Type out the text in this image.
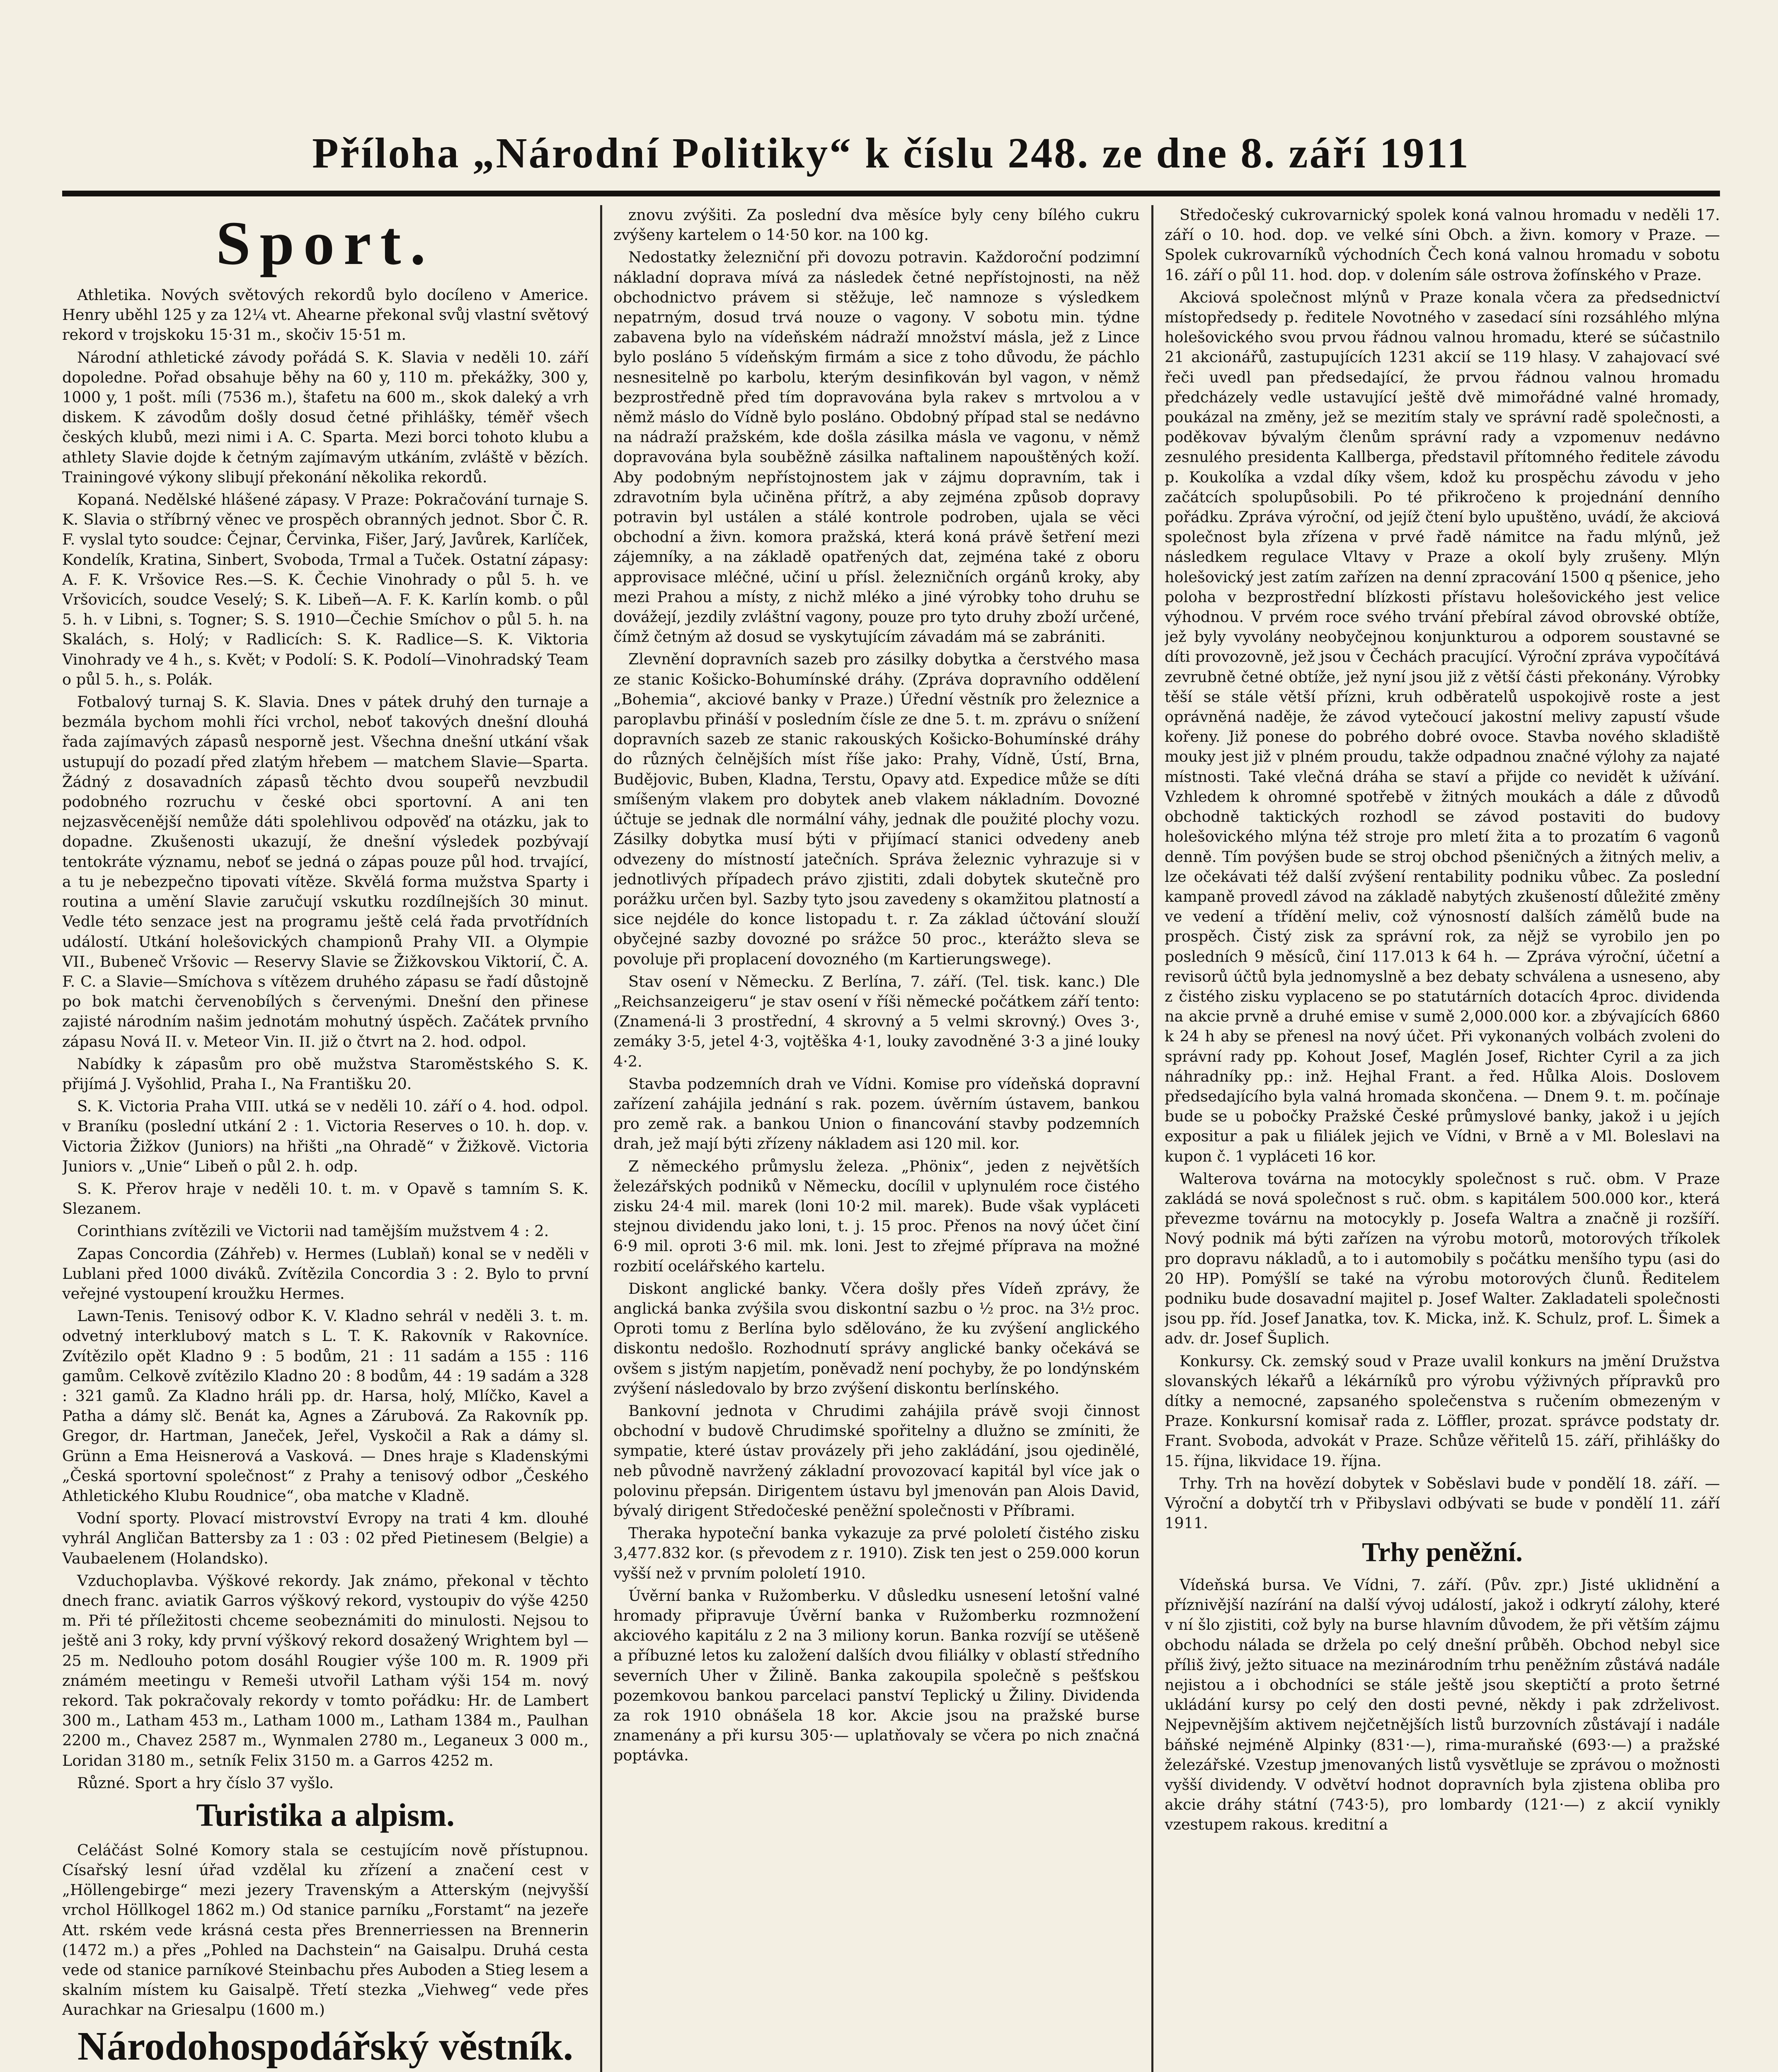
Příloha „Národní Politiky“ k číslu 248. ze dne 8. září 1911
Sport.

Athletika. Nových světových rekordů bylo docíleno v Americe. Henry uběhl 125 y za 12¼ vt. Ahearne překonal svůj vlastní světový rekord v trojskoku 15·31 m., skočiv 15·51 m.

Národní athletické závody pořádá S. K. Slavia v neděli 10. září dopoledne. Pořad obsahuje běhy na 60 y, 110 m. překážky, 300 y, 1000 y, 1 pošt. míli (7536 m.), štafetu na 600 m., skok daleký a vrh diskem. K závodům došly dosud četné přihlášky, téměř všech českých klubů, mezi nimi i A. C. Sparta. Mezi borci tohoto klubu a athlety Slavie dojde k četným zajímavým utkáním, zvláště v bězích. Trainingové výkony slibují překonání několika rekordů.

Kopaná. Nedělské hlášené zápasy. V Praze: Pokračování turnaje S. K. Slavia o stříbrný věnec ve prospěch obranných jednot. Sbor Č. R. F. vyslal tyto soudce: Čejnar, Červinka, Fišer, Jarý, Javůrek, Karlíček, Kondelík, Kratina, Sinbert, Svoboda, Trmal a Tuček. Ostatní zápasy: A. F. K. Vršovice Res.—S. K. Čechie Vinohrady o půl 5. h. ve Vršovicích, soudce Veselý; S. K. Libeň—A. F. K. Karlín komb. o půl 5. h. v Libni, s. Togner; S. S. 1910—Čechie Smíchov o půl 5. h. na Skalách, s. Holý; v Radlicích: S. K. Radlice—S. K. Viktoria Vinohrady ve 4 h., s. Květ; v Podolí: S. K. Podolí—Vinohradský Team o půl 5. h., s. Polák.

Fotbalový turnaj S. K. Slavia. Dnes v pátek druhý den turnaje a bezmála bychom mohli říci vrchol, neboť takových dnešní dlouhá řada zajímavých zápasů nesporně jest. Všechna dnešní utkání však ustupují do pozadí před zlatým hřebem — matchem Slavie—Sparta. Žádný z dosavadních zápasů těchto dvou soupeřů nevzbudil podobného rozruchu v české obci sportovní. A ani ten nejzasvěcenější nemůže dáti spolehlivou odpověď na otázku, jak to dopadne. Zkušenosti ukazují, že dnešní výsledek pozbývají tentokráte významu, neboť se jedná o zápas pouze půl hod. trvající, a tu je nebezpečno tipovati vítěze. Skvělá forma mužstva Sparty i routina a umění Slavie zaručují vskutku rozdílnejších 30 minut. Vedle této senzace jest na programu ještě celá řada prvotřídních událostí. Utkání holešovických championů Prahy VII. a Olympie VII., Bubeneč Vršovic — Reservy Slavie se Žižkovskou Viktorií, Č. A. F. C. a Slavie—Smíchova s vítězem druhého zápasu se řadí důstojně po bok matchi červenobílých s červenými. Dnešní den přinese zajisté národním našim jednotám mohutný úspěch. Začátek prvního zápasu Nová II. v. Meteor Vin. II. již o čtvrt na 2. hod. odpol.

Nabídky k zápasům pro obě mužstva Staroměstského S. K. přijímá J. Vyšohlid, Praha I., Na Františku 20.

S. K. Victoria Praha VIII. utká se v neděli 10. září o 4. hod. odpol. v Braníku (poslední utkání 2 : 1. Victoria Reserves o 10. h. dop. v. Victoria Žižkov (Juniors) na hřišti „na Ohradě“ v Žižkově. Victoria Juniors v. „Unie“ Libeň o půl 2. h. odp.

S. K. Přerov hraje v neděli 10. t. m. v Opavě s tamním S. K. Slezanem.

Corinthians zvítězili ve Victorii nad tamějším mužstvem 4 : 2.

Zapas Concordia (Záhřeb) v. Hermes (Lublaň) konal se v neděli v Lublani před 1000 diváků. Zvítězila Concordia 3 : 2. Bylo to první veřejné vystoupení kroužku Hermes.

Lawn-Tenis. Tenisový odbor K. V. Kladno sehrál v neděli 3. t. m. odvetný interklubový match s L. T. K. Rakovník v Rakovníce. Zvítězilo opět Kladno 9 : 5 bodům, 21 : 11 sadám a 155 : 116 gamům. Celkově zvítězilo Kladno 20 : 8 bodům, 44 : 19 sadám a 328 : 321 gamů. Za Kladno hráli pp. dr. Harsa, holý, Mlíčko, Kavel a Patha a dámy slč. Benát ka, Agnes a Zárubová. Za Rakovník pp. Gregor, dr. Hartman, Janeček, Jeřel, Vyskočil a Rak a dámy sl. Grünn a Ema Heisnerová a Vasková. — Dnes hraje s Kladenskými „Česká sportovní společnost“ z Prahy a tenisový odbor „Českého Athletického Klubu Roudnice“, oba matche v Kladně.

Vodní sporty. Plovací mistrovství Evropy na trati 4 km. dlouhé vyhrál Angličan Battersby za 1 : 03 : 02 před Pietinesem (Belgie) a Vaubaelenem (Holandsko).

Vzduchoplavba. Výškové rekordy. Jak známo, překonal v těchto dnech franc. aviatik Garros výškový rekord, vystoupiv do výše 4250 m. Při té příležitosti chceme seobeznámiti do minulosti. Nejsou to ještě ani 3 roky, kdy první výškový rekord dosažený Wrightem byl — 25 m. Nedlouho potom dosáhl Rougier výše 100 m. R. 1909 při známém meetingu v Remeši utvořil Latham výši 154 m. nový rekord. Tak pokračovaly rekordy v tomto pořádku: Hr. de Lambert 300 m., Latham 453 m., Latham 1000 m., Latham 1384 m., Paulhan 2200 m., Chavez 2587 m., Wynmalen 2780 m., Leganeux 3 000 m., Loridan 3180 m., setník Felix 3150 m. a Garros 4252 m.

Různé. Sport a hry číslo 37 vyšlo.

Turistika a alpism.

Celáčást Solné Komory stala se cestujícím nově přístupnou. Císařský lesní úřad vzdělal ku zřízení a značení cest v „Höllengebirge“ mezi jezery Travenským a Atterským (nejvyšší vrchol Höllkogel 1862 m.) Od stanice parníku „Forstamt“ na jezeře Att. rském vede krásná cesta přes Brennerriessen na Brennerin (1472 m.) a přes „Pohled na Dachstein“ na Gaisalpu. Druhá cesta vede od stanice parníkové Steinbachu přes Auboden a Stieg lesem a skalním místem ku Gaisalpě. Třetí stezka „Viehweg“ vede přes Aurachkar na Griesalpu (1600 m.)

Národohospodářský věstník.

znovu zvýšiti. Za poslední dva měsíce byly ceny bílého cukru zvýšeny kartelem o 14·50 kor. na 100 kg.

Nedostatky železniční při dovozu potravin. Každoroční podzimní nákladní doprava mívá za následek četné nepřístojnosti, na něž obchodnictvo právem si stěžuje, leč namnoze s výsledkem nepatrným, dosud trvá nouze o vagony. V sobotu min. týdne zabavena bylo na vídeňském nádraží množství másla, jež z Lince bylo posláno 5 vídeňským firmám a sice z toho důvodu, že páchlo nesnesitelně po karbolu, kterým desinfikován byl vagon, v němž bezprostředně před tím dopravována byla rakev s mrtvolou a v němž máslo do Vídně bylo posláno. Obdobný případ stal se nedávno na nádraží pražském, kde došla zásilka másla ve vagonu, v němž dopravována byla souběžně zásilka naftalinem napouštěných koží. Aby podobným nepřístojnostem jak v zájmu dopravním, tak i zdravotním byla učiněna přítrž, a aby zejména způsob dopravy potravin byl ustálen a stálé kontrole podroben, ujala se věci obchodní a živn. komora pražská, která koná právě šetření mezi zájemníky, a na základě opatřených dat, zejména také z oboru approvisace mléčné, učiní u přísl. železničních orgánů kroky, aby mezi Prahou a místy, z nichž mléko a jiné výrobky toho druhu se dovážejí, jezdily zvláštní vagony, pouze pro tyto druhy zboží určené, čímž četným až dosud se vyskytujícím závadám má se zabrániti.

Zlevnění dopravních sazeb pro zásilky dobytka a čerstvého masa ze stanic Košicko-Bohumínské dráhy. (Zpráva dopravního oddělení „Bohemia“, akciové banky v Praze.) Úřední věstník pro železnice a paroplavbu přináší v posledním čísle ze dne 5. t. m. zprávu o snížení dopravních sazeb ze stanic rakouských Košicko-Bohumínské dráhy do různých čelnějších míst říše jako: Prahy, Vídně, Ústí, Brna, Budějovic, Buben, Kladna, Terstu, Opavy atd. Expedice může se díti smíšeným vlakem pro dobytek aneb vlakem nákladním. Dovozné účtuje se jednak dle normální váhy, jednak dle použité plochy vozu. Zásilky dobytka musí býti v přijímací stanici odvedeny aneb odvezeny do místností jatečních. Správa železnic vyhrazuje si v jednotlivých případech právo zjistiti, zdali dobytek skutečně pro porážku určen byl. Sazby tyto jsou zavedeny s okamžitou platností a sice nejdéle do konce listopadu t. r. Za základ účtování slouží obyčejné sazby dovozné po srážce 50 proc., kterážto sleva se povoluje při proplacení dovozného (m Kartierungswege).

Stav osení v Německu. Z Berlína, 7. září. (Tel. tisk. kanc.) Dle „Reichsanzeigeru“ je stav osení v říši německé počátkem září tento: (Znamená-li 3 prostřední, 4 skrovný a 5 velmi skrovný.) Oves 3·, zemáky 3·5, jetel 4·3, vojtěška 4·1, louky zavodněné 3·3 a jiné louky 4·2.

Stavba podzemních drah ve Vídni. Komise pro vídeňská dopravní zařízení zahájila jednání s rak. pozem. úvěrním ústavem, bankou pro země rak. a bankou Union o financování stavby podzemních drah, jež mají býti zřízeny nákladem asi 120 mil. kor.

Z německého průmyslu železa. „Phönix“, jeden z největších železářských podniků v Německu, docílil v uplynulém roce čistého zisku 24·4 mil. marek (loni 10·2 mil. marek). Bude však vypláceti stejnou dividendu jako loni, t. j. 15 proc. Přenos na nový účet činí 6·9 mil. oproti 3·6 mil. mk. loni. Jest to zřejmé příprava na možné rozbití ocelářského kartelu.

Diskont anglické banky. Včera došly přes Vídeň zprávy, že anglická banka zvýšila svou diskontní sazbu o ½ proc. na 3½ proc. Oproti tomu z Berlína bylo sdělováno, že ku zvýšení anglického diskontu nedošlo. Rozhodnutí správy anglické banky očekává se ovšem s jistým napjetím, poněvadž není pochyby, že po londýnském zvýšení následovalo by brzo zvýšení diskontu berlínského.

Bankovní jednota v Chrudimi zahájila právě svoji činnost obchodní v budově Chrudimské spořitelny a dlužno se zmíniti, že sympatie, které ústav provázely při jeho zakládání, jsou ojedinělé, neb původně navržený základní provozovací kapitál byl více jak o polovinu přepsán. Dirigentem ústavu byl jmenován pan Alois David, bývalý dirigent Středočeské peněžní společnosti v Příbrami.

Theraka hypoteční banka vykazuje za prvé pololetí čistého zisku 3,477.832 kor. (s převodem z r. 1910). Zisk ten jest o 259.000 korun vyšší než v prvním pololetí 1910.

Úvěrní banka v Ružomberku. V důsledku usnesení letošní valné hromady připravuje Úvěrní banka v Ružomberku rozmnožení akciového kapitálu z 2 na 3 miliony korun. Banka rozvíjí se utěšeně a příbuzné letos ku založení dalších dvou filiálky v oblastí středního severních Uher v Žilině. Banka zakoupila společně s pešťskou pozemkovou bankou parcelaci panství Teplický u Žiliny. Dividenda za rok 1910 obnášela 18 kor. Akcie jsou na pražské burse znamenány a při kursu 305·— uplatňovaly se včera po nich značná poptávka.

Středočeský cukrovarnický spolek koná valnou hromadu v neděli 17. září o 10. hod. dop. ve velké síni Obch. a živn. komory v Praze. — Spolek cukrovarníků východních Čech koná valnou hromadu v sobotu 16. září o půl 11. hod. dop. v dolením sále ostrova žofínského v Praze.

Akciová společnost mlýnů v Praze konala včera za předsednictví místopředsedy p. ředitele Novotného v zasedací síni rozsáhlého mlýna holešovického svou prvou řádnou valnou hromadu, které se súčastnilo 21 akcionářů, zastupujících 1231 akcií se 119 hlasy. V zahajovací své řeči uvedl pan předsedající, že prvou řádnou valnou hromadu předcházely vedle ustavující ještě dvě mimořádné valné hromady, poukázal na změny, jež se mezitím staly ve správní radě společnosti, a poděkovav bývalým členům správní rady a vzpomenuv nedávno zesnulého presidenta Kallberga, představil přítomného ředitele závodu p. Koukolíka a vzdal díky všem, kdož ku prospěchu závodu v jeho začátcích spolupůsobili. Po té přikročeno k projednání denního pořádku. Zpráva výroční, od jejíž čtení bylo upuštěno, uvádí, že akciová společnost byla zřízena v prvé řadě námitce na řadu mlýnů, jež následkem regulace Vltavy v Praze a okolí byly zrušeny. Mlýn holešovický jest zatím zařízen na denní zpracování 1500 q pšenice, jeho poloha v bezprostřední blízkosti přístavu holešovického jest velice výhodnou. V prvém roce svého trvání přebíral závod obrovské obtíže, jež byly vyvolány neobyčejnou konjunkturou a odporem soustavné se díti provozovně, jež jsou v Čechách pracující. Výroční zpráva vypočítává zevrubně četné obtíže, jež nyní jsou již z větší části překonány. Výrobky těší se stále větší přízni, kruh odběratelů uspokojivě roste a jest oprávněná naděje, že závod vytečoucí jakostní melivy zapustí všude kořeny. Již ponese do pobrého dobré ovoce. Stavba nového skladiště mouky jest již v plném proudu, takže odpadnou značné výlohy za najaté místnosti. Také vlečná dráha se staví a přijde co nevidět k užívání. Vzhledem k ohromné spotřebě v žitných moukách a dále z důvodů obchodně taktických rozhodl se závod postaviti do budovy holešovického mlýna též stroje pro mletí žita a to prozatím 6 vagonů denně. Tím povýšen bude se stroj obchod pšeničných a žitných meliv, a lze očekávati též další zvýšení rentability podniku vůbec. Za poslední kampaně provedl závod na základě nabytých zkušeností důležité změny ve vedení a třídění meliv, což výnosností dalších zámělů bude na prospěch. Čistý zisk za správní rok, za nějž se vyrobilo jen po posledních 9 měsíců, činí 117.013 k 64 h. — Zpráva výroční, účetní a revisorů účtů byla jednomyslně a bez debaty schválena a usneseno, aby z čistého zisku vyplaceno se po statutárních dotacích 4proc. dividenda na akcie prvně a druhé emise v sumě 2,000.000 kor. a zbývajících 6860 k 24 h aby se přenesl na nový účet. Při vykonaných volbách zvoleni do správní rady pp. Kohout Josef, Maglén Josef, Richter Cyril a za jich náhradníky pp.: inž. Hejhal Frant. a řed. Hůlka Alois. Doslovem předsedajícího byla valná hromada skončena. — Dnem 9. t. m. počínaje bude se u pobočky Pražské České průmyslové banky, jakož i u jejích expositur a pak u filiálek jejich ve Vídni, v Brně a v Ml. Boleslavi na kupon č. 1 vypláceti 16 kor.

Walterova továrna na motocykly společnost s ruč. obm. V Praze zakládá se nová společnost s ruč. obm. s kapitálem 500.000 kor., která převezme továrnu na motocykly p. Josefa Waltra a značně ji rozšíří. Nový podnik má býti zařízen na výrobu motorů, motorových tříkolek pro dopravu nákladů, a to i automobily s počátku menšího typu (asi do 20 HP). Pomýšlí se také na výrobu motorových člunů. Ředitelem podniku bude dosavadní majitel p. Josef Walter. Zakladateli společnosti jsou pp. říd. Josef Janatka, tov. K. Micka, inž. K. Schulz, prof. L. Šimek a adv. dr. Josef Šuplich.

Konkursy. Ck. zemský soud v Praze uvalil konkurs na jmění Družstva slovanských lékařů a lékárníků pro výrobu výživných přípravků pro dítky a nemocné, zapsaného společenstva s ručením obmezeným v Praze. Konkursní komisař rada z. Löffler, prozat. správce podstaty dr. Frant. Svoboda, advokát v Praze. Schůze věřitelů 15. září, přihlášky do 15. října, likvidace 19. října.

Trhy. Trh na hovězí dobytek v Soběslavi bude v pondělí 18. září. — Výroční a dobytčí trh v Přibyslavi odbývati se bude v pondělí 11. září 1911.

Trhy peněžní.

Vídeňská bursa. Ve Vídni, 7. září. (Pův. zpr.) Jisté uklidnění a příznivější nazírání na další vývoj událostí, jakož i odkrytí zálohy, které v ní šlo zjistiti, což byly na burse hlavním důvodem, že při větším zájmu obchodu nálada se držela po celý dnešní průběh. Obchod nebyl sice příliš živý, ježto situace na mezinárodním trhu peněžním zůstává nadále nejistou a i obchodníci se stále ještě jsou skeptičtí a proto šetrné ukládání kursy po celý den dosti pevné, někdy i pak zdrželivost. Nejpevnějším aktivem nejčetnějších listů burzovních zůstávají i nadále báňské nejméně Alpinky (831·—), rima-muraňské (693·—) a pražské železářské. Vzestup jmenovaných listů vysvětluje se zprávou o možnosti vyšší dividendy. V odvětví hodnot dopravních byla zjistena obliba pro akcie dráhy státní (743·5), pro lombardy (121·—) z akcií vynikly vzestupem rakous. kreditní a
